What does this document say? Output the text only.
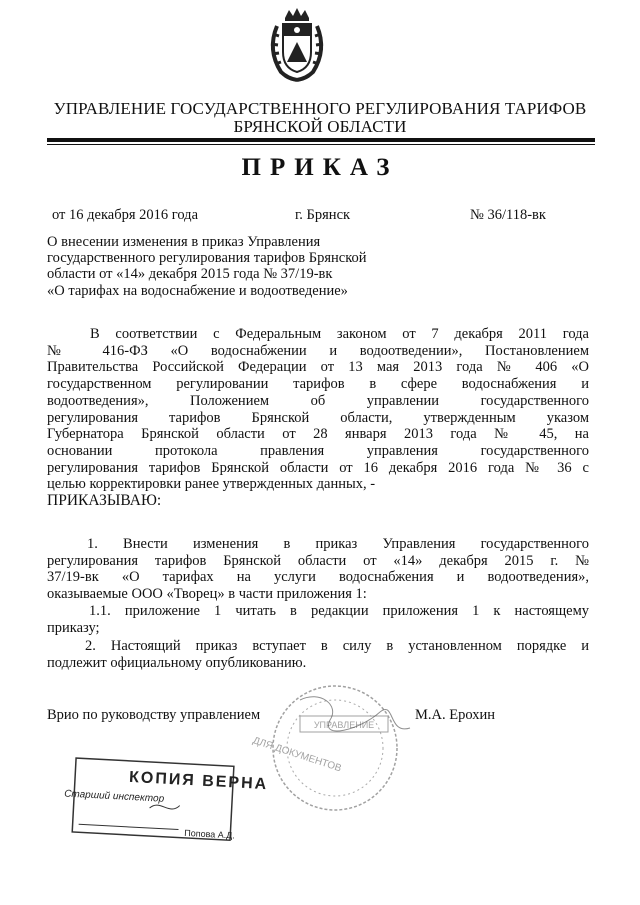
УПРАВЛЕНИЕ ГОСУДАРСТВЕННОГО РЕГУЛИРОВАНИЯ ТАРИФОВ
БРЯНСКОЙ ОБЛАСТИ
ПРИКАЗ
от 16 декабря 2016 года	г. Брянск	№ 36/118-вк
О внесении изменения в приказ Управления
государственного регулирования тарифов Брянской
области от «14» декабря 2015 года № 37/19-вк
«О тарифах на водоснабжение и водоотведение»
В соответствии с Федеральным законом от 7 декабря 2011 года
№ 416-ФЗ «О водоснабжении и водоотведении», Постановлением
Правительства Российской Федерации от 13 мая 2013 года № 406 «О
государственном регулировании тарифов в сфере водоснабжения и
водоотведения», Положением об управлении государственного
регулирования тарифов Брянской области, утвержденным указом
Губернатора Брянской области от 28 января 2013 года № 45, на
основании протокола правления управления государственного
регулирования тарифов Брянской области от 16 декабря 2016 года № 36 с
целью корректировки ранее утвержденных данных, -
ПРИКАЗЫВАЮ:
1. Внести изменения в приказ Управления государственного
регулирования тарифов Брянской области от «14» декабря 2015 г. №
37/19-вк «О тарифах на услуги водоснабжения и водоотведения»,
оказываемые ООО «Творец» в части приложения 1:
1.1. приложение 1 читать в редакции приложения 1 к настоящему
приказу;
2. Настоящий приказ вступает в силу в установленном порядке и
подлежит официальному опубликованию.
Врио по руководству управлением	М.А. Ерохин
УПРАВЛЕНИЕ
ДЛЯ ДОКУМЕНТОВ
КОПИЯ ВЕРНА
Старший инспектор
Попова А.Д.
